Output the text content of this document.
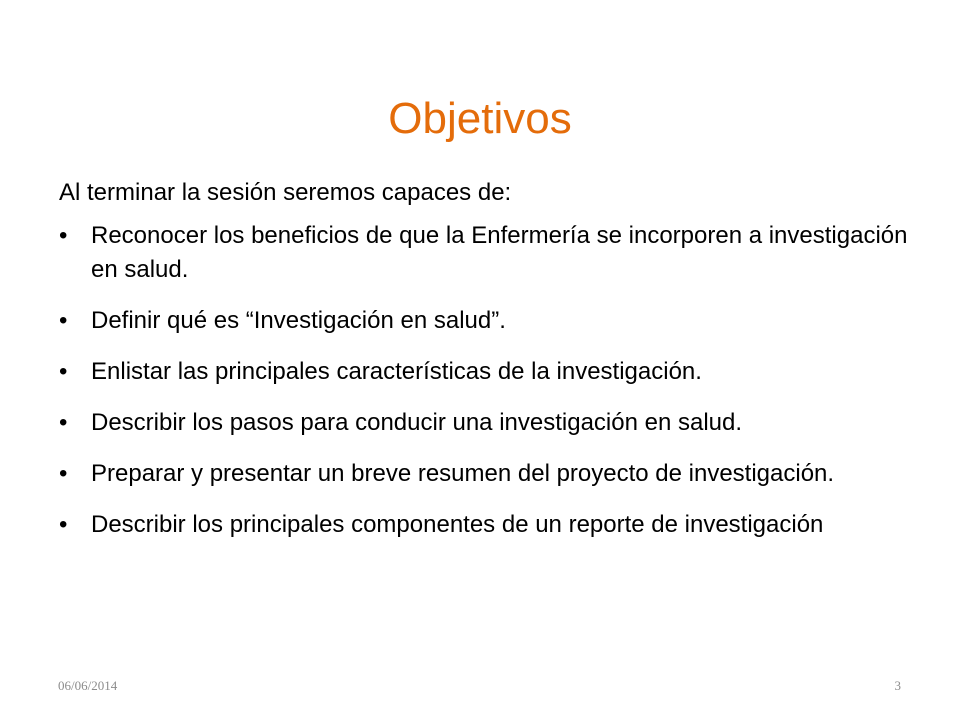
Objetivos

Al terminar la sesión seremos capaces de:

• Reconocer los beneficios de que la Enfermería se incorporen a investigación en salud.
• Definir qué es “Investigación en salud”.
• Enlistar las principales características de la investigación.
• Describir los pasos para conducir una investigación en salud.
• Preparar y presentar un breve resumen del proyecto de investigación.
• Describir los principales componentes de un reporte de investigación
06/06/2014	3
